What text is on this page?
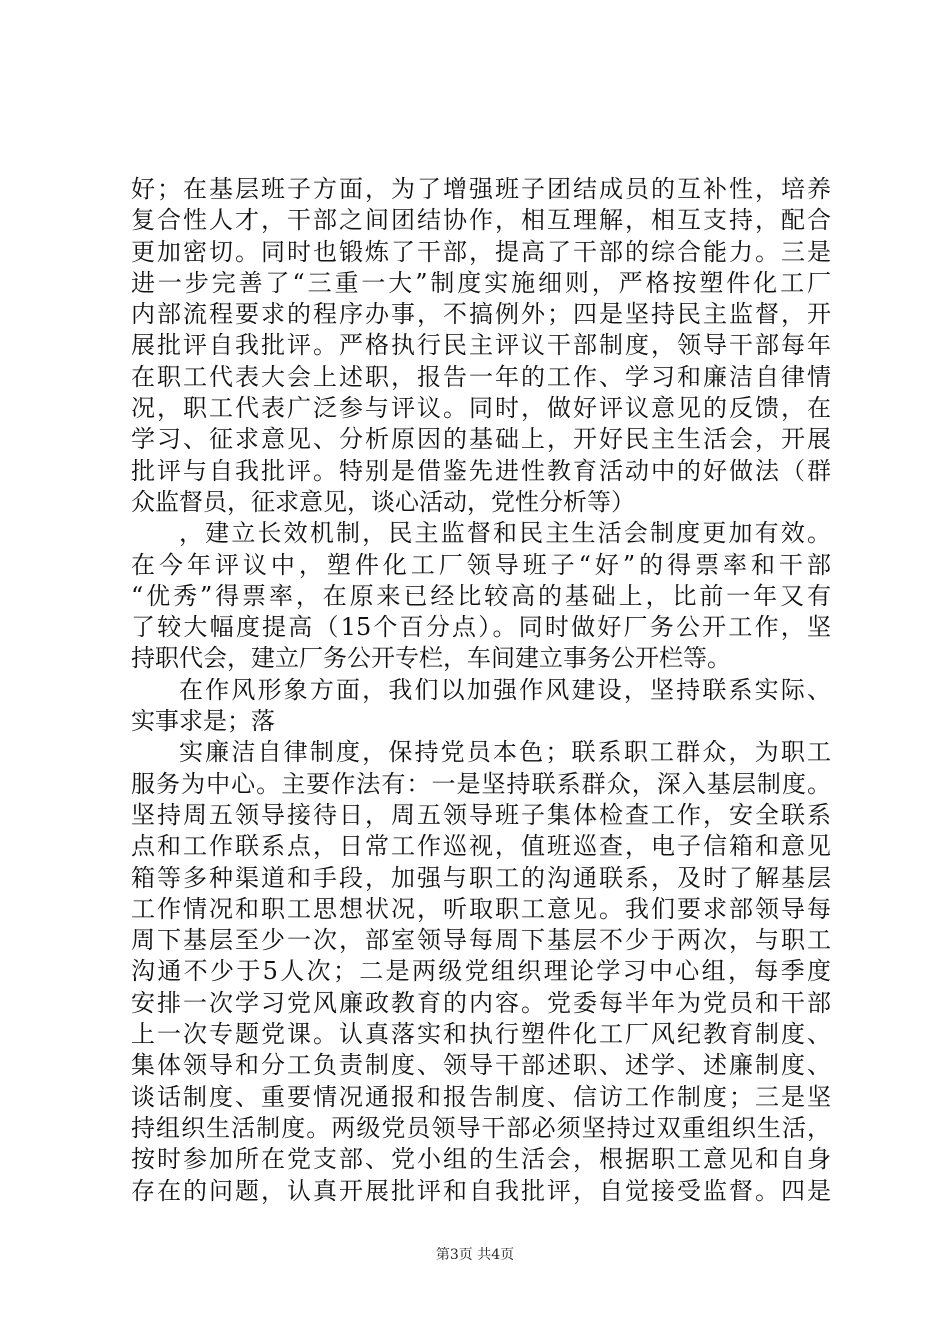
好；在基层班子方面，为了增强班子团结成员的互补性，培养
复合性人才，干部之间团结协作，相互理解，相互支持，配合
更加密切。同时也锻炼了干部，提高了干部的综合能力。三是
进一步完善了“三重一大”制度实施细则，严格按塑件化工厂
内部流程要求的程序办事，不搞例外；四是坚持民主监督，开
展批评自我批评。严格执行民主评议干部制度，领导干部每年
在职工代表大会上述职，报告一年的工作、学习和廉洁自律情
况，职工代表广泛参与评议。同时，做好评议意见的反馈，在
学习、征求意见、分析原因的基础上，开好民主生活会，开展
批评与自我批评。特别是借鉴先进性教育活动中的好做法（群
众监督员，征求意见，谈心活动，党性分析等）
，建立长效机制，民主监督和民主生活会制度更加有效。
在今年评议中，塑件化工厂领导班子“好”的得票率和干部
“优秀”得票率，在原来已经比较高的基础上，比前一年又有
了较大幅度提高（15个百分点）。同时做好厂务公开工作，坚
持职代会，建立厂务公开专栏，车间建立事务公开栏等。
在作风形象方面，我们以加强作风建设，坚持联系实际、
实事求是；落
实廉洁自律制度，保持党员本色；联系职工群众，为职工
服务为中心。主要作法有：一是坚持联系群众，深入基层制度。
坚持周五领导接待日，周五领导班子集体检查工作，安全联系
点和工作联系点，日常工作巡视，值班巡查，电子信箱和意见
箱等多种渠道和手段，加强与职工的沟通联系，及时了解基层
工作情况和职工思想状况，听取职工意见。我们要求部领导每
周下基层至少一次，部室领导每周下基层不少于两次，与职工
沟通不少于5人次；二是两级党组织理论学习中心组，每季度
安排一次学习党风廉政教育的内容。党委每半年为党员和干部
上一次专题党课。认真落实和执行塑件化工厂风纪教育制度、
集体领导和分工负责制度、领导干部述职、述学、述廉制度、
谈话制度、重要情况通报和报告制度、信访工作制度；三是坚
持组织生活制度。两级党员领导干部必须坚持过双重组织生活，
按时参加所在党支部、党小组的生活会，根据职工意见和自身
存在的问题，认真开展批评和自我批评，自觉接受监督。四是
第3页 共4页
